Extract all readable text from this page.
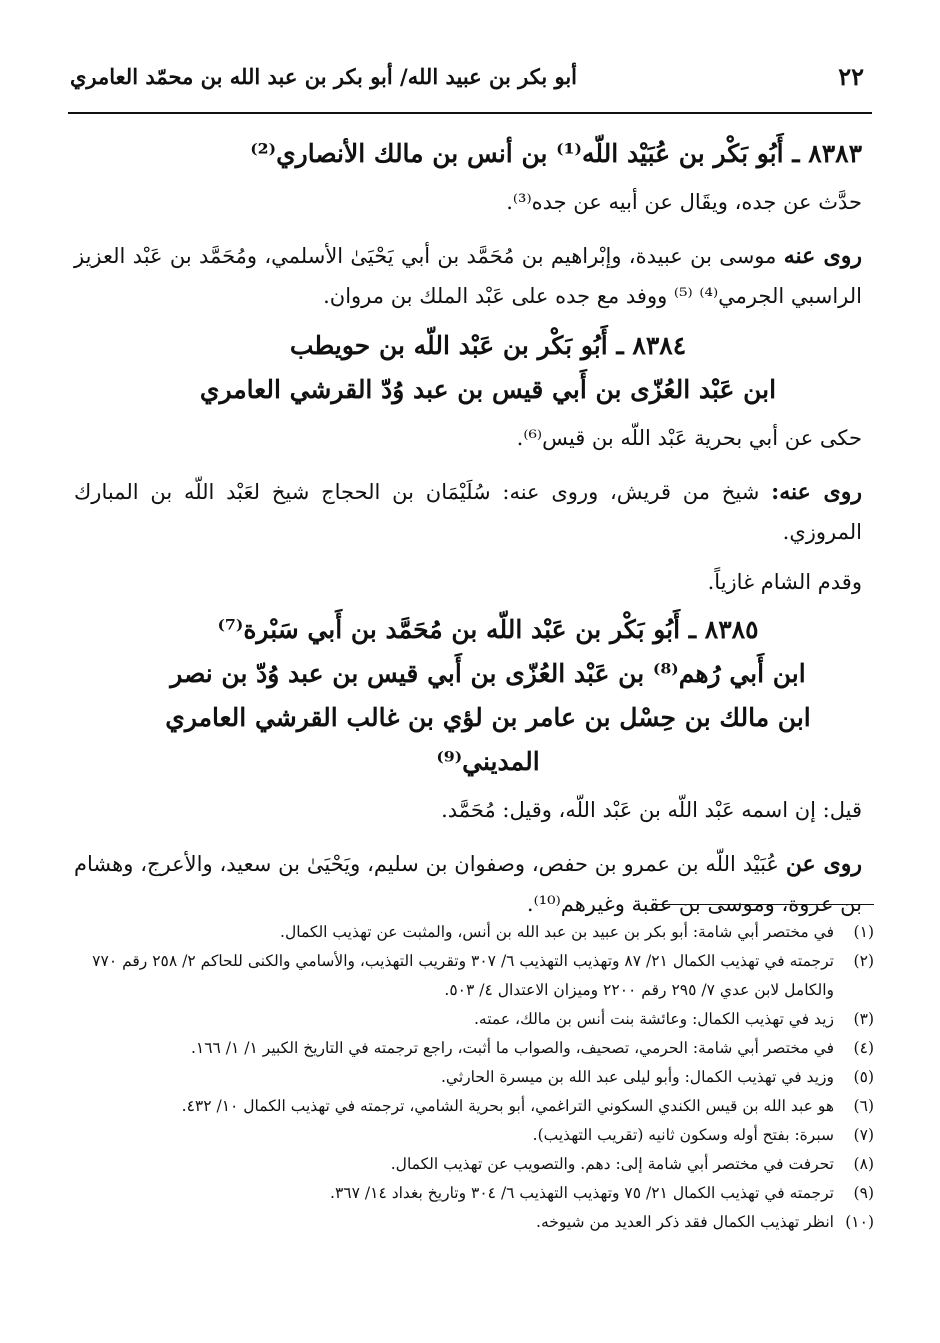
٢٢
أبو بكر بن عبيد الله/ أبو بكر بن عبد الله بن محمّد العامري
٨٣٨٣ ـ أَبُو بَكْر بن عُبَيْد اللّه⁽¹⁾ بن أنس بن مالك الأنصاري⁽²⁾
حدَّث عن جده، ويقَال عن أبيه عن جده⁽³⁾.
روى عنه موسى بن عبيدة، وإبْراهيم بن مُحَمَّد بن أبي يَحْيَىٰ الأسلمي، ومُحَمَّد بن عَبْد العزيز الراسبي الجرمي⁽⁴⁾ ⁽⁵⁾ ووفد مع جده على عَبْد الملك بن مروان.
٨٣٨٤ ـ أَبُو بَكْر بن عَبْد اللّه بن حويطب
ابن عَبْد العُزّى بن أَبي قيس بن عبد وُدّ القرشي العامري
حكى عن أبي بحرية عَبْد اللّه بن قيس⁽⁶⁾.
روى عنه: شيخ من قريش، وروى عنه: سُلَيْمَان بن الحجاج شيخ لعَبْد اللّه بن المبارك المروزي.
وقدم الشام غازياً.
٨٣٨٥ ـ أَبُو بَكْر بن عَبْد اللّه بن مُحَمَّد بن أَبي سَبْرة⁽⁷⁾
ابن أَبي رُهم⁽⁸⁾ بن عَبْد العُزّى بن أَبي قيس بن عبد وُدّ بن نصر
ابن مالك بن حِسْل بن عامر بن لؤي بن غالب القرشي العامري المديني⁽⁹⁾
قيل: إن اسمه عَبْد اللّه بن عَبْد اللّه، وقيل: مُحَمَّد.
روى عن عُبَيْد اللّه بن عمرو بن حفص، وصفوان بن سليم، ويَحْيَىٰ بن سعيد، والأعرج، وهشام بن عروة، وموسى بن عقبة وغيرهم⁽¹⁰⁾.
(١)
في مختصر أبي شامة: أبو بكر بن عبيد بن عبد الله بن أنس، والمثبت عن تهذيب الكمال.
(٢)
ترجمته في تهذيب الكمال ٢١/ ٨٧ وتهذيب التهذيب ٦/ ٣٠٧ وتقريب التهذيب، والأسامي والكنى للحاكم ٢/ ٢٥٨ رقم ٧٧٠ والكامل لابن عدي ٧/ ٢٩٥ رقم ٢٢٠٠ وميزان الاعتدال ٤/ ٥٠٣.
(٣)
زيد في تهذيب الكمال: وعائشة بنت أنس بن مالك، عمته.
(٤)
في مختصر أبي شامة: الحرمي، تصحيف، والصواب ما أثبت، راجع ترجمته في التاريخ الكبير ١/ ١/ ١٦٦.
(٥)
وزيد في تهذيب الكمال: وأبو ليلى عبد الله بن ميسرة الحارثي.
(٦)
هو عبد الله بن قيس الكندي السكوني التراغمي، أبو بحرية الشامي، ترجمته في تهذيب الكمال ١٠/ ٤٣٢.
(٧)
سبرة: بفتح أوله وسكون ثانيه (تقريب التهذيب).
(٨)
تحرفت في مختصر أبي شامة إلى: دهم. والتصويب عن تهذيب الكمال.
(٩)
ترجمته في تهذيب الكمال ٢١/ ٧٥ وتهذيب التهذيب ٦/ ٣٠٤ وتاريخ بغداد ١٤/ ٣٦٧.
(١٠)
انظر تهذيب الكمال فقد ذكر العديد من شيوخه.
